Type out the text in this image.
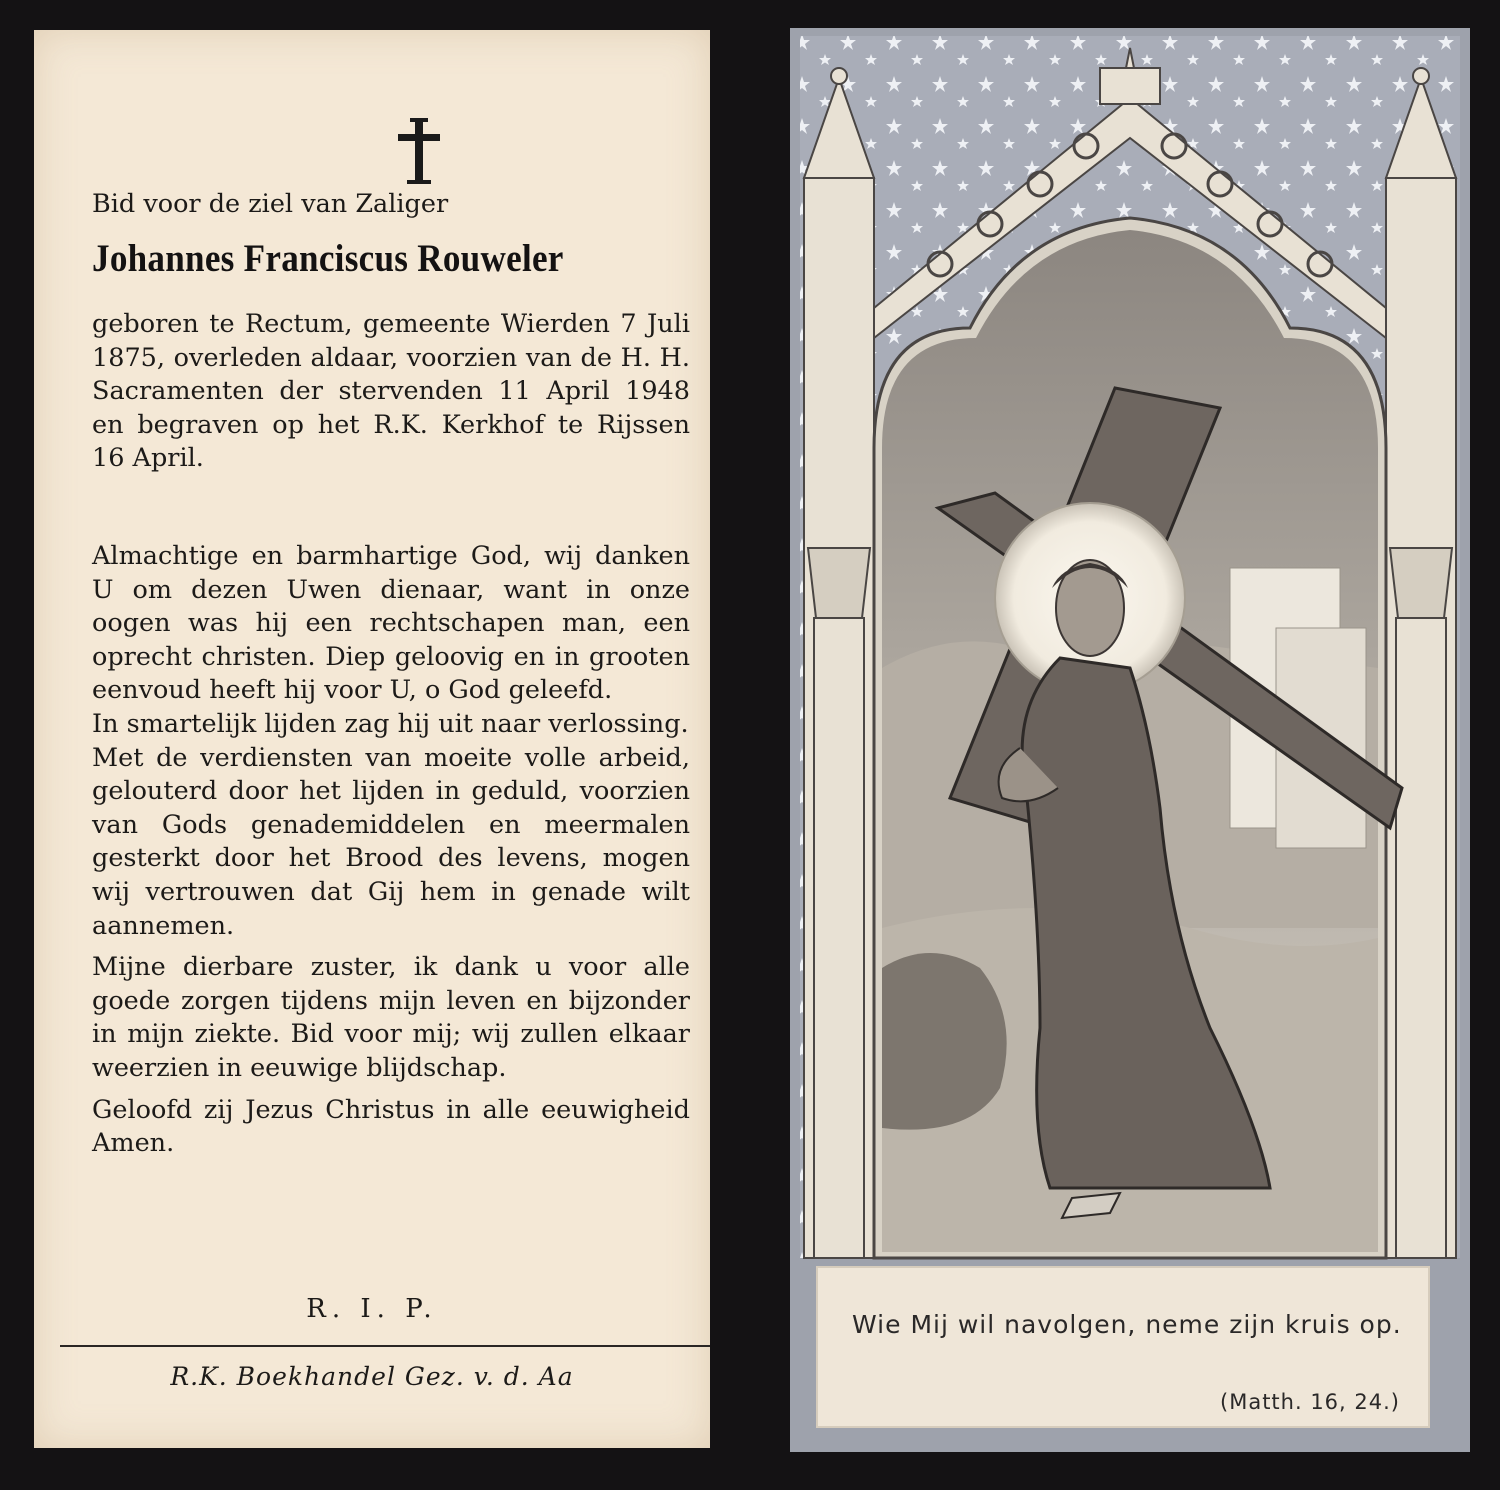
Bid voor de ziel van Zaliger
Johannes Franciscus Rouweler

geboren te Rectum, gemeente Wierden 7 Juli 1875, overleden aldaar, voorzien van de H. H. Sacramenten der stervenden 11 April 1948 en begraven op het R.K. Kerkhof te Rijssen 16 April.

Almachtige en barmhartige God, wij danken U om dezen Uwen dienaar, want in onze oogen was hij een rechtschapen man, een oprecht christen. Diep geloovig en in grooten eenvoud heeft hij voor U, o God geleefd.

In smartelijk lijden zag hij uit naar verlossing.

Met de verdiensten van moeite volle arbeid, gelouterd door het lijden in geduld, voorzien van Gods genademiddelen en meermalen gesterkt door het Brood des levens, mogen wij vertrouwen dat Gij hem in genade wilt aannemen.

Mijne dierbare zuster, ik dank u voor alle goede zorgen tijdens mijn leven en bijzonder in mijn ziekte. Bid voor mij; wij zullen elkaar weerzien in eeuwige blijdschap.

Geloofd zij Jezus Christus in alle eeuwigheid Amen.

R. I. P.
R.K. Boekhandel Gez. v. d. Aa
Wie Mij wil navolgen, neme zijn kruis op.
(Matth. 16, 24.)
